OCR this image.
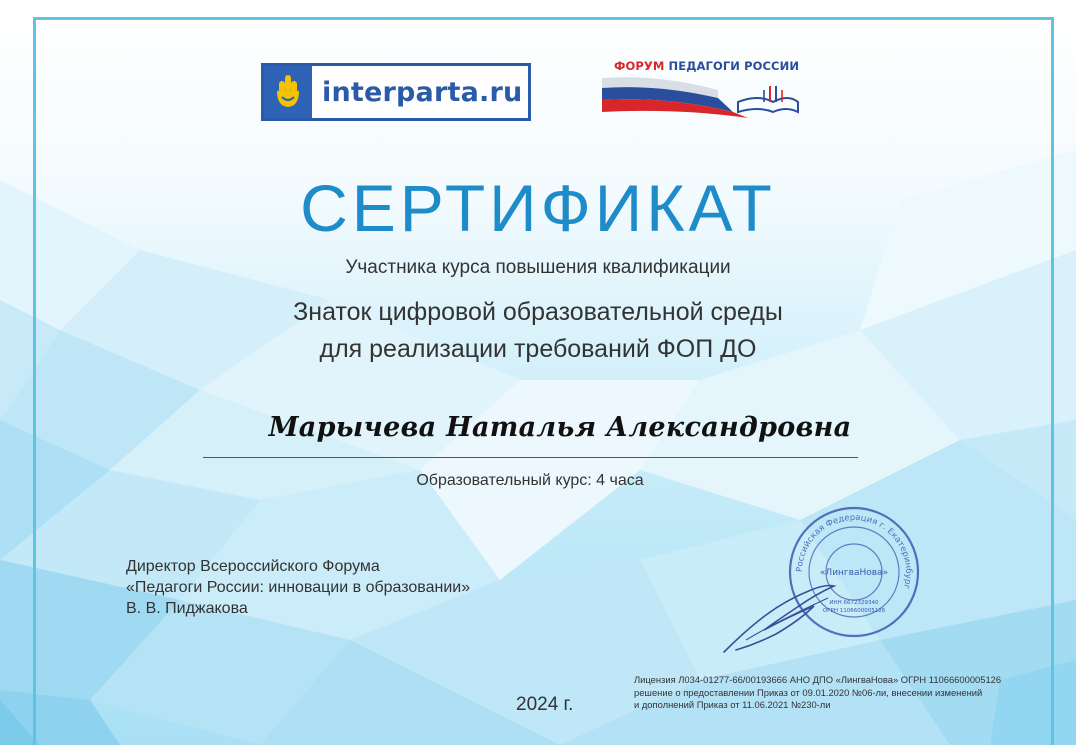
interparta.ru
ФОРУМ ПЕДАГОГИ РОССИИ
СЕРТИФИКАТ
Участника курса повышения квалификации
Знаток цифровой образовательной среды
для реализации требований ФОП ДО
Марычева Наталья Александровна
Образовательный курс: 4 часа
Директор Всероссийского Форума
«Педагоги России: инновации в образовании»
В. В. Пиджакова
Российская Федерация г. Екатеринбург
«ЛингваНова»
ИНН 6672329340
ОГРН 1106600005126
2024 г.
Лицензия Л034-01277-66/00193666 АНО ДПО «ЛингваНова» ОГРН 11066600005126
решение о предоставлении Приказ от 09.01.2020 №06-ли, внесении изменений
и дополнений Приказ от 11.06.2021 №230-ли
